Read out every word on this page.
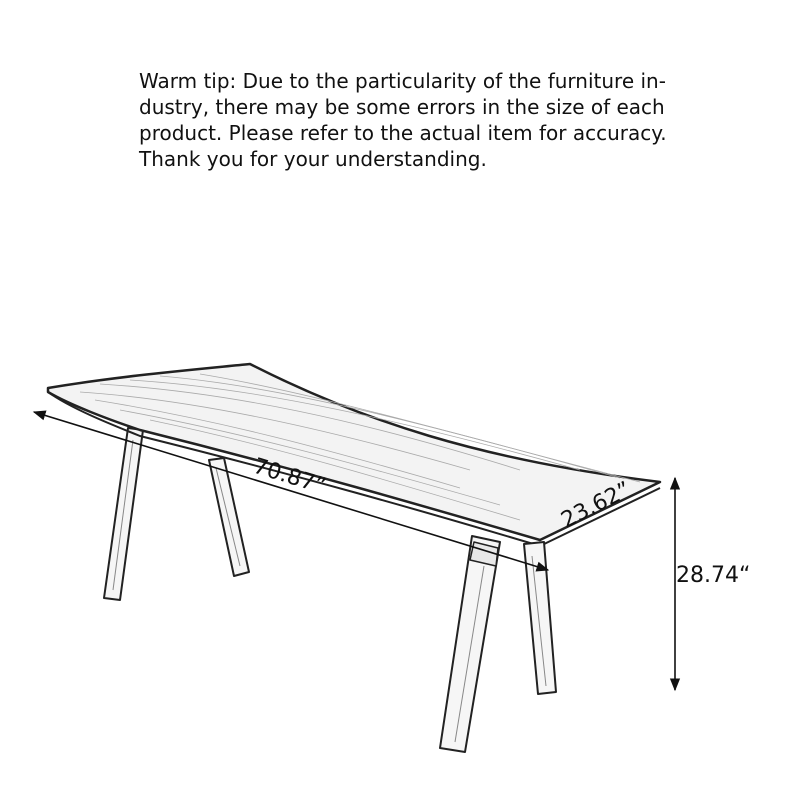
Warm tip: Due to the particularity of the furniture in-
dustry, there may be some errors in the size of each
product. Please refer to the actual item for accuracy.
Thank you for your understanding.
70.87”
23.62”
28.74“
